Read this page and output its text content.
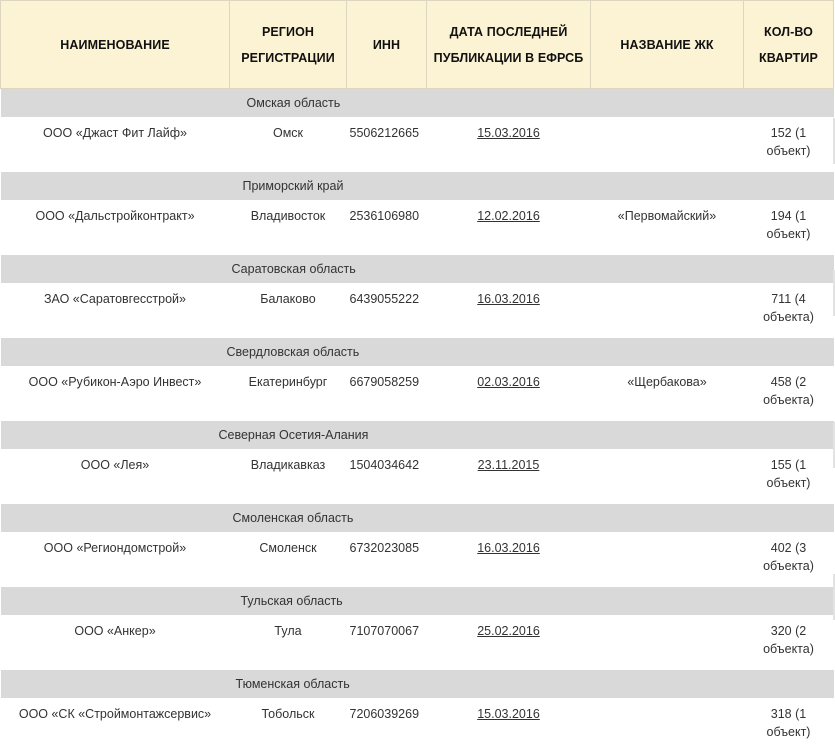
НАИМЕНОВАНИЕ	РЕГИОН РЕГИСТРАЦИИ	ИНН	ДАТА ПОСЛЕДНЕЙ ПУБЛИКАЦИИ В ЕФРСБ	НАЗВАНИЕ ЖК	КОЛ-ВО КВАРТИР
Омская область					
ООО «Джаст Фит Лайф»	Омск	5506212665	15.03.2016		152 (1 объект)
Приморский край					
ООО «Дальстройконтракт»	Владивосток	2536106980	12.02.2016	«Первомайский»	194 (1 объект)
Саратовская область					
ЗАО «Саратовгесстрой»	Балаково	6439055222	16.03.2016		711 (4 объекта)
Свердловская область					
ООО «Рубикон-Аэро Инвест»	Екатеринбург	6679058259	02.03.2016	«Щербакова»	458 (2 объекта)
Северная Осетия-Алания					
ООО «Лея»	Владикавказ	1504034642	23.11.2015		155 (1 объект)
Смоленская область					
ООО «Региондомстрой»	Смоленск	6732023085	16.03.2016		402 (3 объекта)
Тульская область					
ООО «Анкер»	Тула	7107070067	25.02.2016		320 (2 объекта)
Тюменская область					
ООО «СК «Строймонтажсервис»	Тобольск	7206039269	15.03.2016		318 (1 объект)
